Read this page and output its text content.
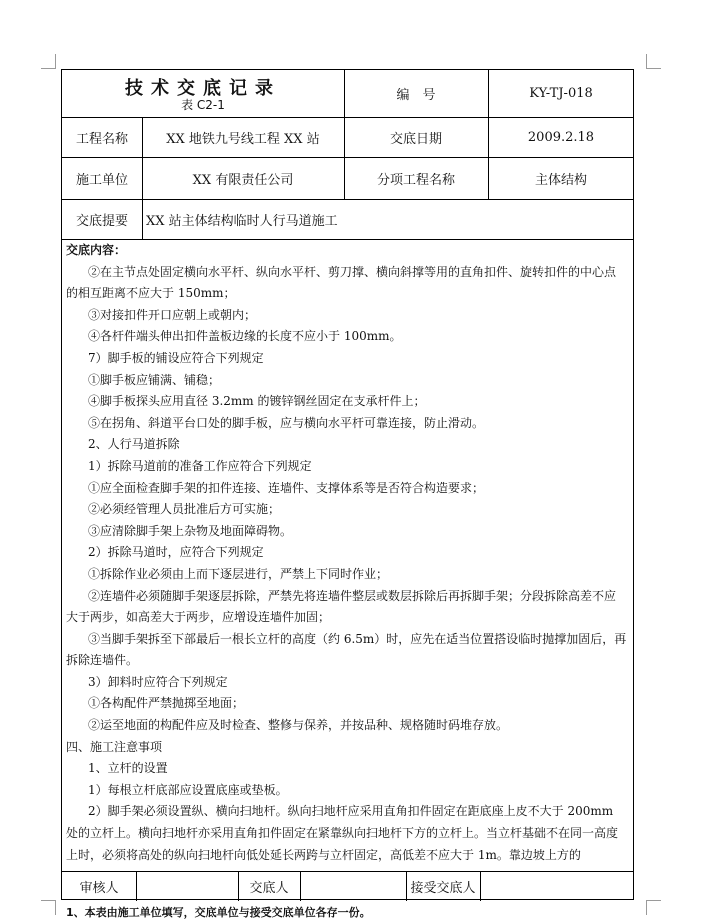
技术交底记录
表 C2-1
编　号	KY-TJ-018
工程名称	XX 地铁九号线工程 XX 站	交底日期	2009.2.18
施工单位	XX 有限责任公司	分项工程名称	主体结构
交底提要	XX 站主体结构临时人行马道施工

交底内容：

②在主节点处固定横向水平杆、纵向水平杆、剪刀撑、横向斜撑等用的直角扣件、旋转扣件的中心点的相互距离不应大于 150mm；

③对接扣件开口应朝上或朝内；

④各杆件端头伸出扣件盖板边缘的长度不应小于 100mm。

7）脚手板的铺设应符合下列规定

①脚手板应铺满、铺稳；

④脚手板探头应用直径 3.2mm 的镀锌钢丝固定在支承杆件上；

⑤在拐角、斜道平台口处的脚手板，应与横向水平杆可靠连接，防止滑动。

2、人行马道拆除

1）拆除马道前的准备工作应符合下列规定

①应全面检查脚手架的扣件连接、连墙件、支撑体系等是否符合构造要求；

②必须经管理人员批准后方可实施；

③应清除脚手架上杂物及地面障碍物。

2）拆除马道时，应符合下列规定

①拆除作业必须由上而下逐层进行，严禁上下同时作业；

②连墙件必须随脚手架逐层拆除，严禁先将连墙件整层或数层拆除后再拆脚手架；分段拆除高差不应大于两步，如高差大于两步，应增设连墙件加固；

③当脚手架拆至下部最后一根长立杆的高度（约 6.5m）时，应先在适当位置搭设临时抛撑加固后，再拆除连墙件。

3）卸料时应符合下列规定

①各构配件严禁抛掷至地面；

②运至地面的构配件应及时检查、整修与保养，并按品种、规格随时码堆存放。

四、施工注意事项

1、立杆的设置

1）每根立杆底部应设置底座或垫板。

2）脚手架必须设置纵、横向扫地杆。纵向扫地杆应采用直角扣件固定在距底座上皮不大于 200mm 处的立杆上。横向扫地杆亦采用直角扣件固定在紧靠纵向扫地杆下方的立杆上。当立杆基础不在同一高度上时，必须将高处的纵向扫地杆向低处延长两跨与立杆固定，高低差不应大于 1m。靠边坡上方的

审核人	交底人	接受交底人
1、本表由施工单位填写，交底单位与接受交底单位各存一份。
